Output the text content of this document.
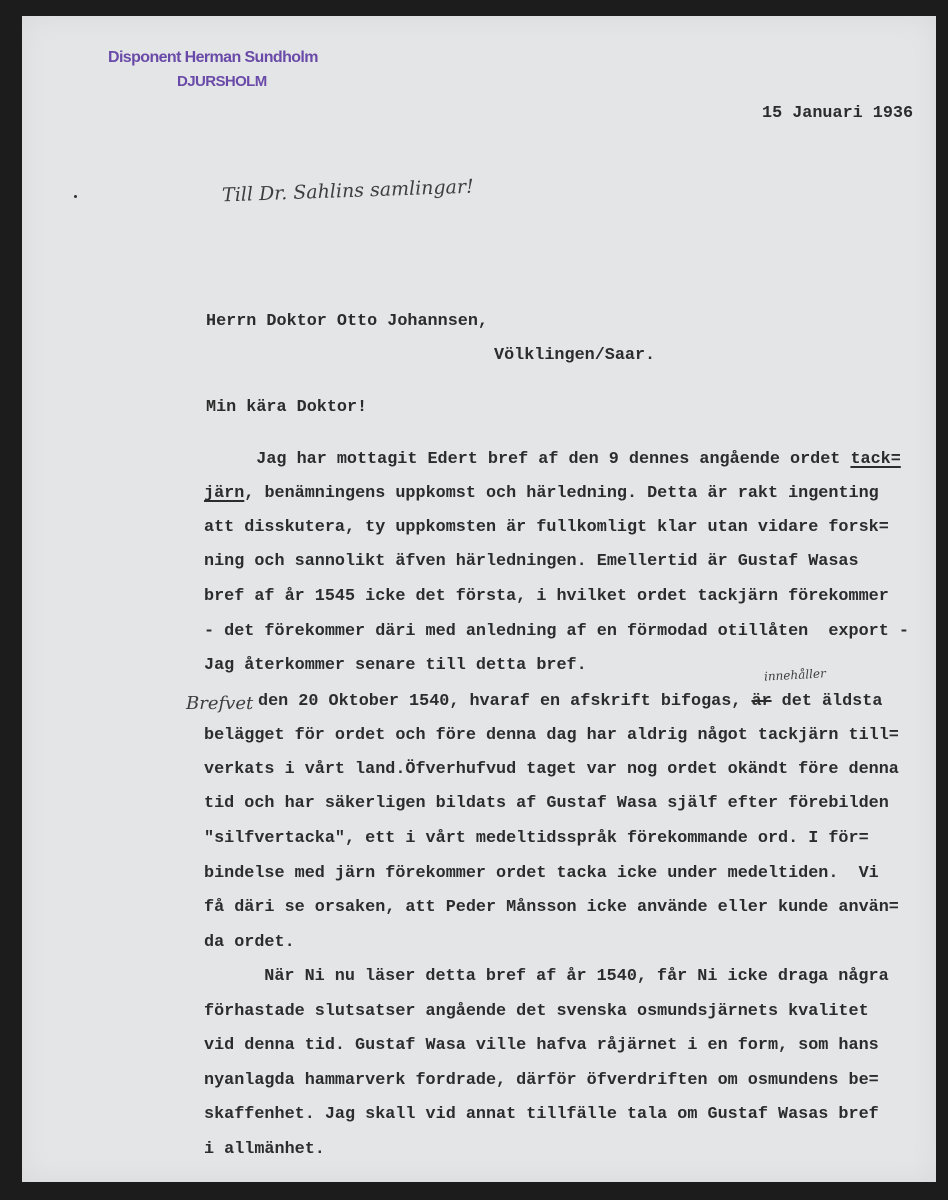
Disponent Herman Sundholm
DJURSHOLM
15 Januari 1936
Till Dr. Sahlins samlingar!
Herrn Doktor Otto Johannsen,
Völklingen/Saar.
Min kära Doktor!
Jag har mottagit Edert bref af den 9 dennes angående ordet tack=
järn, benämningens uppkomst och härledning. Detta är rakt ingenting
att disskutera, ty uppkomsten är fullkomligt klar utan vidare forsk=
ning och sannolikt äfven härledningen. Emellertid är Gustaf Wasas
bref af år 1545 icke det första, i hvilket ordet tackjärn förekommer
- det förekommer däri med anledning af en förmodad otillåten  export -
Jag återkommer senare till detta bref.
Brefvet
innehåller
den 20 Oktober 1540, hvaraf en afskrift bifogas, är det äldsta
belägget för ordet och före denna dag har aldrig något tackjärn till=
verkats i vårt land.Öfverhufvud taget var nog ordet okändt före denna
tid och har säkerligen bildats af Gustaf Wasa själf efter förebilden
"silfvertacka", ett i vårt medeltidsspråk förekommande ord. I för=
bindelse med järn förekommer ordet tacka icke under medeltiden.  Vi
få däri se orsaken, att Peder Månsson icke använde eller kunde använ=
da ordet.
När Ni nu läser detta bref af år 1540, får Ni icke draga några
förhastade slutsatser angående det svenska osmundsjärnets kvalitet
vid denna tid. Gustaf Wasa ville hafva råjärnet i en form, som hans
nyanlagda hammarverk fordrade, därför öfverdriften om osmundens be=
skaffenhet. Jag skall vid annat tillfälle tala om Gustaf Wasas bref
i allmänhet.
